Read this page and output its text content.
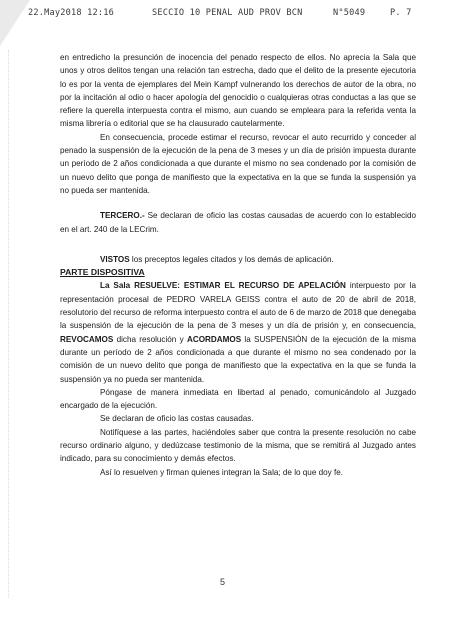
22.May2018 12:16	SECCIO 10 PENAL AUD PROV BCN	N°5049	P. 7

en entredicho la presunción de inocencia del penado respecto de ellos. No aprecia la Sala que unos y otros delitos tengan una relación tan estrecha, dado que el delito de la presente ejecutoria lo es por la venta de ejemplares del Mein Kampf vulnerando los derechos de autor de la obra, no por la incitación al odio o hacer apología del genocidio o cualquieras otras conductas a las que se refiere la querella interpuesta contra el mismo, aun cuando se empleara para la referida venta la misma librería o editorial que se ha clausurado cautelarmente.

En consecuencia, procede estimar el recurso, revocar el auto recurrido y conceder al penado la suspensión de la ejecución de la pena de 3 meses y un día de prisión impuesta durante un período de 2 años condicionada a que durante el mismo no sea condenado por la comisión de un nuevo delito que ponga de manifiesto que la expectativa en la que se funda la suspensión ya no pueda ser mantenida.

TERCERO.- Se declaran de oficio las costas causadas de acuerdo con lo establecido en el art. 240 de la LECrim.

VISTOS los preceptos legales citados y los demás de aplicación.

PARTE DISPOSITIVA

La Sala RESUELVE: ESTIMAR EL RECURSO DE APELACIÓN interpuesto por la representación procesal de PEDRO VARELA GEISS contra el auto de 20 de abril de 2018, resolutorio del recurso de reforma interpuesto contra el auto de 6 de marzo de 2018 que denegaba la suspensión de la ejecución de la pena de 3 meses y un día de prisión y, en consecuencia, REVOCAMOS dicha resolución y ACORDAMOS la SUSPENSIÓN de la ejecución de la misma durante un período de 2 años condicionada a que durante el mismo no sea condenado por la comisión de un nuevo delito que ponga de manifiesto que la expectativa en la que se funda la suspensión ya no pueda ser mantenida.

Póngase de manera inmediata en libertad al penado, comunicándolo al Juzgado encargado de la ejecución.

Se declaran de oficio las costas causadas.

Notifíquese a las partes, haciéndoles saber que contra la presente resolución no cabe recurso ordinario alguno, y dedúzcase testimonio de la misma, que se remitirá al Juzgado antes indicado, para su conocimiento y demás efectos.

Así lo resuelven y firman quienes integran la Sala; de lo que doy fe.

5
